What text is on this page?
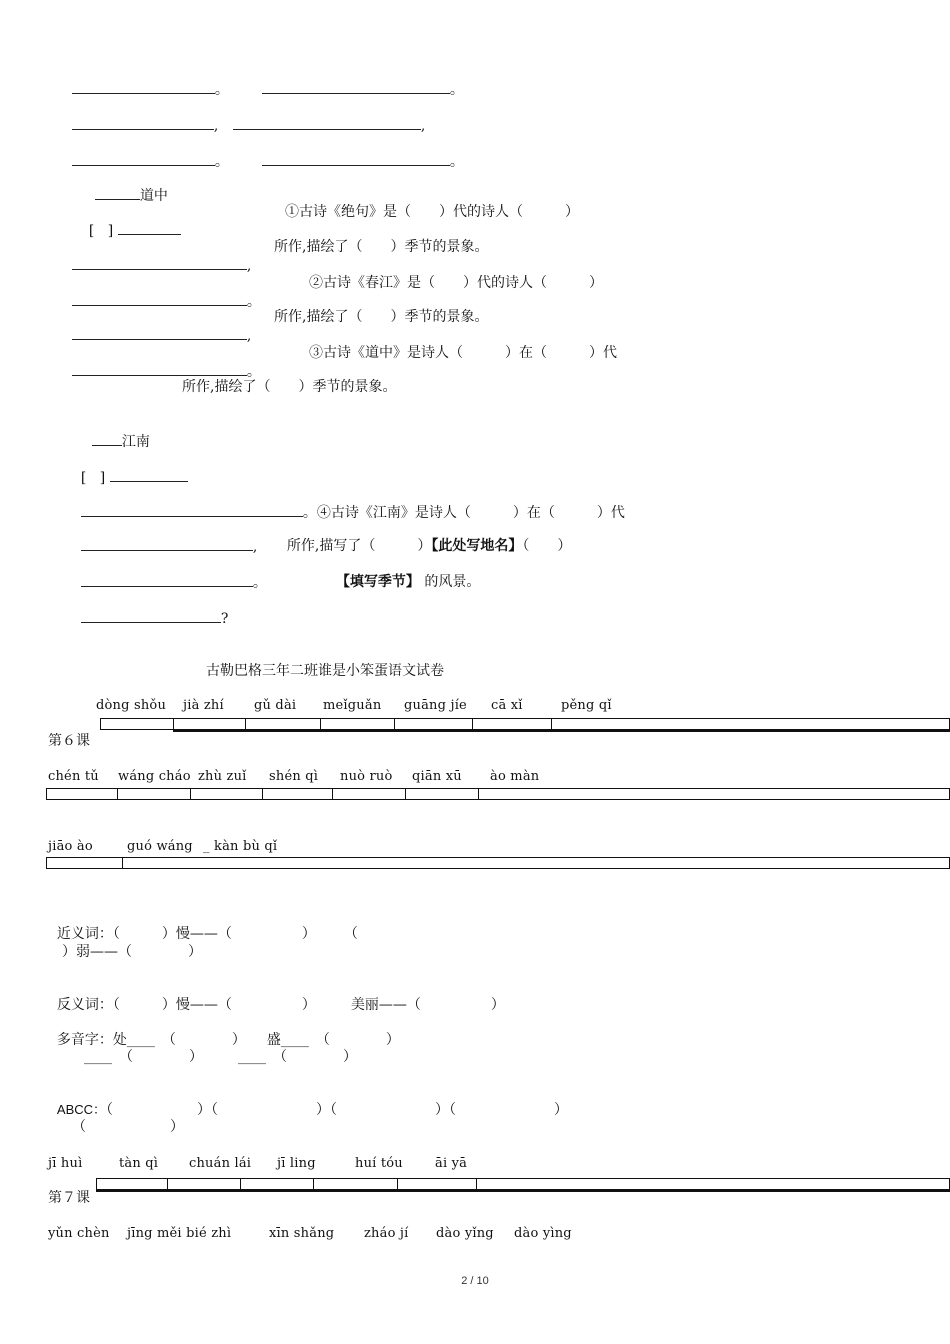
。	。

,	,

。	。

道中

[   ]

①古诗《绝句》是（　　）代的诗人（　　　）

,

所作,描绘了（　　）季节的景象。

。

②古诗《春江》是（　　）代的诗人（　　　）

,

所作,描绘了（　　）季节的景象。

。

③古诗《道中》是诗人（　　　）在（　　　）代
所作,描绘了（　　）季节的景象。

江南

[   ]

。④古诗《江南》是诗人（　　　）在（　　　）代

,	所作,描写了（　　　）【此处写地名】（　　）

。	【填写季节】 的风景。

?

古勒巴格三年二班谁是小笨蛋语文试卷
dòng shǒu jià zhí gǔ dài meǐguǎn guāng jíe cā xǐ	pěng qǐ
第６课
chén tǔ wáng cháo zhù zuǐ shén qì nuò ruò qiān xū ào màn
jiāo ào	guó wáng _ kàn bù qǐ

近义词：（　　　）慢——（　　　　　）　　　（

）弱——（　　　　）

反义词：（　　　）慢——（　　　　　）　　　美丽——（　　　　　）

多音字：处____　（　　　　）　　盛____　（　　　　）

____　（　　　　）　　　____　（　　　　）

ABCC：（　　　　　　）（　　　　　　　）（　　　　　　　）（　　　　　　　）

（　　　　　　）
jī huì	tàn qì chuán lái jī ling	huí tóu āi yā
第７课
yǔn chèn jīng měi bié zhì	xīn shǎng zháo jí dào yǐng dào yìng
2 / 10
